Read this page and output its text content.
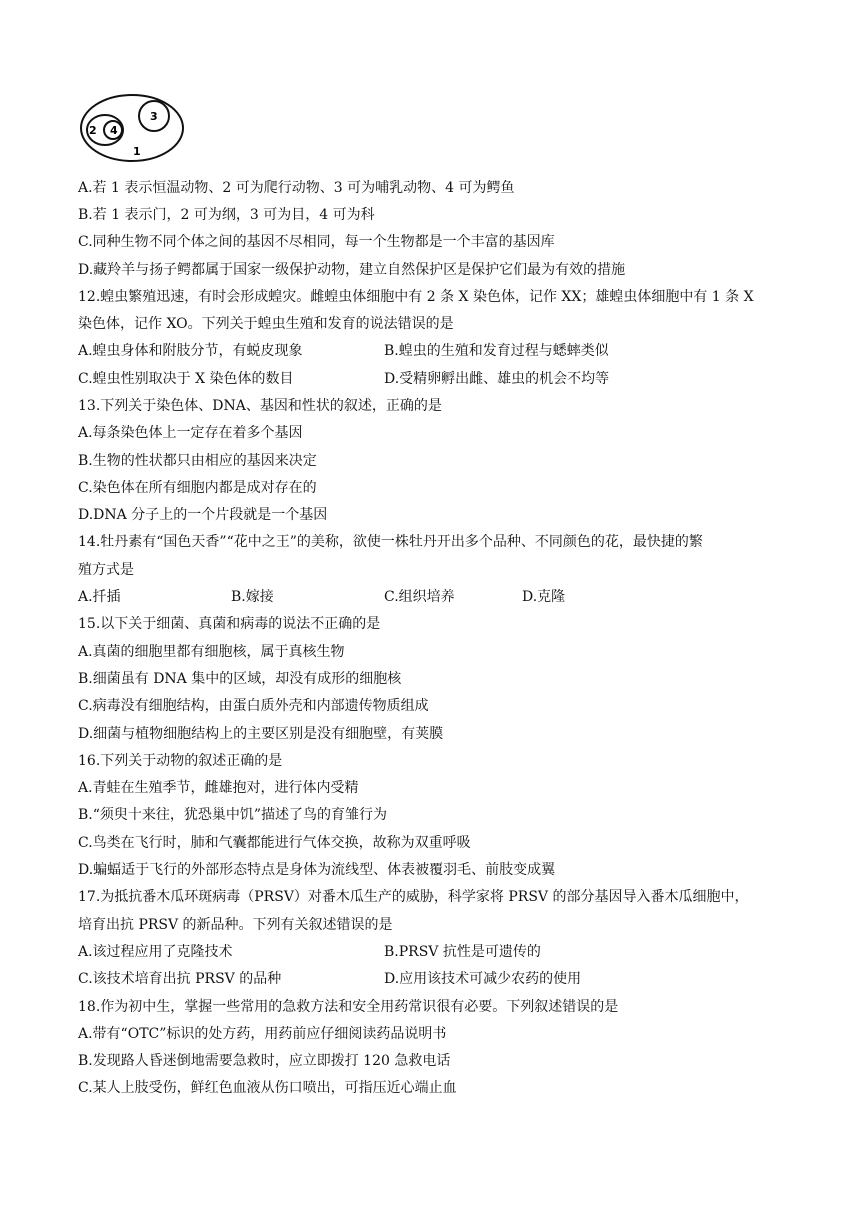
1
2
3
4
A.若 1 表示恒温动物、2 可为爬行动物、3 可为哺乳动物、4 可为鳄鱼
B.若 1 表示门，2 可为纲，3 可为目，4 可为科
C.同种生物不同个体之间的基因不尽相同，每一个生物都是一个丰富的基因库
D.藏羚羊与扬子鳄都属于国家一级保护动物，建立自然保护区是保护它们最为有效的措施
12.蝗虫繁殖迅速，有时会形成蝗灾。雌蝗虫体细胞中有 2 条 X 染色体，记作 XX；雄蝗虫体细胞中有 1 条 X
染色体，记作 XO。下列关于蝗虫生殖和发育的说法错误的是
A.蝗虫身体和附肢分节，有蜕皮现象	B.蝗虫的生殖和发育过程与蟋蟀类似
C.蝗虫性别取决于 X 染色体的数目	D.受精卵孵出雌、雄虫的机会不均等
13.下列关于染色体、DNA、基因和性状的叙述，正确的是
A.每条染色体上一定存在着多个基因
B.生物的性状都只由相应的基因来决定
C.染色体在所有细胞内都是成对存在的
D.DNA 分子上的一个片段就是一个基因
14.牡丹素有“国色天香”“花中之王”的美称，欲使一株牡丹开出多个品种、不同颜色的花，最快捷的繁
殖方式是
A.扦插	B.嫁接	C.组织培养	D.克隆
15.以下关于细菌、真菌和病毒的说法不正确的是
A.真菌的细胞里都有细胞核，属于真核生物
B.细菌虽有 DNA 集中的区域，却没有成形的细胞核
C.病毒没有细胞结构，由蛋白质外壳和内部遗传物质组成
D.细菌与植物细胞结构上的主要区别是没有细胞壁，有荚膜
16.下列关于动物的叙述正确的是
A.青蛙在生殖季节，雌雄抱对，进行体内受精
B.“须臾十来往，犹恐巢中饥”描述了鸟的育雏行为
C.鸟类在飞行时，肺和气囊都能进行气体交换，故称为双重呼吸
D.蝙蝠适于飞行的外部形态特点是身体为流线型、体表被覆羽毛、前肢变成翼
17.为抵抗番木瓜环斑病毒（PRSV）对番木瓜生产的威胁，科学家将 PRSV 的部分基因导入番木瓜细胞中，
培育出抗 PRSV 的新品种。下列有关叙述错误的是
A.该过程应用了克隆技术	B.PRSV 抗性是可遗传的
C.该技术培育出抗 PRSV 的品种	D.应用该技术可减少农药的使用
18.作为初中生，掌握一些常用的急救方法和安全用药常识很有必要。下列叙述错误的是
A.带有“OTC”标识的处方药，用药前应仔细阅读药品说明书
B.发现路人昏迷倒地需要急救时，应立即拨打 120 急救电话
C.某人上肢受伤，鲜红色血液从伤口喷出，可指压近心端止血
